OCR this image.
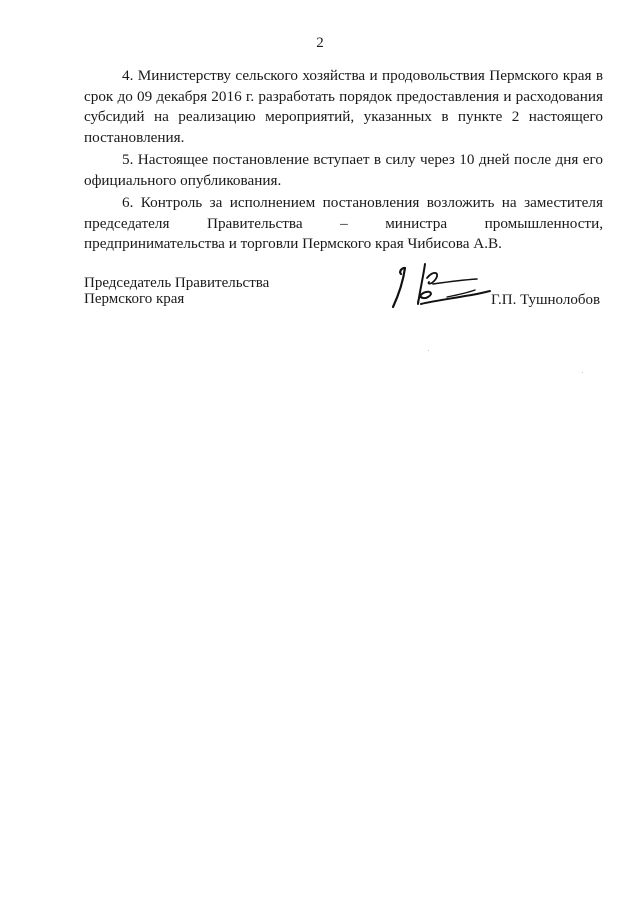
2

4. Министерству сельского хозяйства и продовольствия Пермского края в срок до 09 декабря 2016 г. разработать порядок предоставления и расходования субсидий на реализацию мероприятий, указанных в пункте 2 настоящего постановления.

5. Настоящее постановление вступает в силу через 10 дней после дня его официального опубликования.

6. Контроль за исполнением постановления возложить на заместителя председателя Правительства – министра промышленности, предпринимательства и торговли Пермского края Чибисова А.В.

Председатель Правительства
Пермского края	Г.П. Тушнолобов
